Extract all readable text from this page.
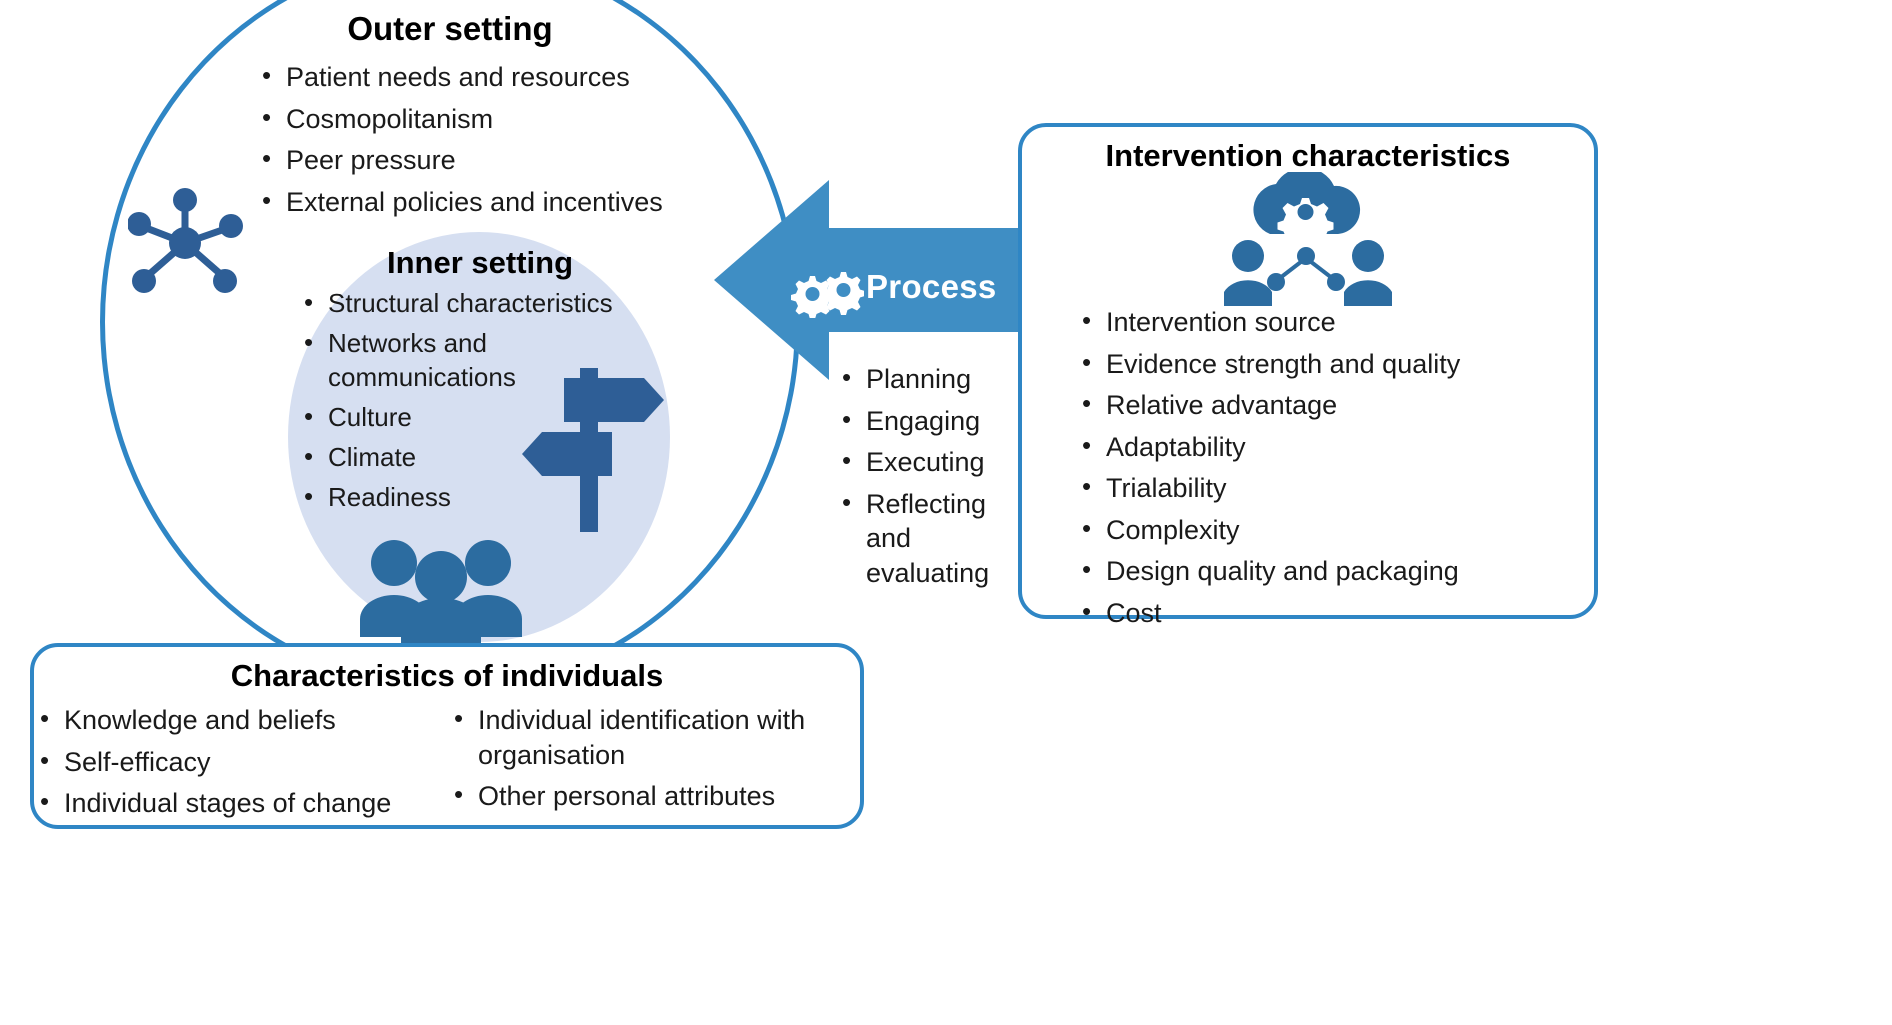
Outer setting
• Patient needs and resources
• Cosmopolitanism
• Peer pressure
• External policies and incentives
Inner setting
• Structural characteristics
• Networks and communications
• Culture
• Climate
• Readiness
Characteristics of individuals
• Knowledge and beliefs
• Self-efficacy
• Individual stages of change
• Individual identification with organisation
• Other personal attributes
Process
• Planning
• Engaging
• Executing
• Reflecting and evaluating
Intervention characteristics
• Intervention source
• Evidence strength and quality
• Relative advantage
• Adaptability
• Trialability
• Complexity
• Design quality and packaging
• Cost
